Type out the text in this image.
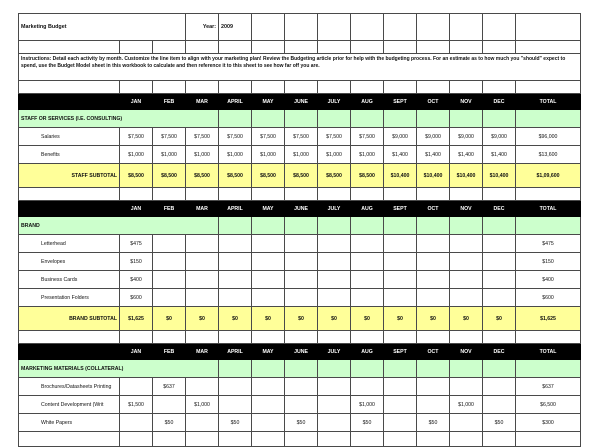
Marketing Budget			Year:	2009									

Instructions: Detail each activity by month. Customize the line item to align with your marketing plan! Review the Budgeting article prior for help with the budgeting process. For an estimate as to how much you "should" expect to spend, use the Budget Model sheet in this workbook to calculate and then reference it to this sheet to see how far off you are.													

	JAN	FEB	MAR	APRIL	MAY	JUNE	JULY	AUG	SEPT	OCT	NOV	DEC	TOTAL
STAFF OR SERVICES (I.E. CONSULTING)													
Salaries	$7,500	$7,500	$7,500	$7,500	$7,500	$7,500	$7,500	$7,500	$9,000	$9,000	$9,000	$9,000	$96,000
Benefits	$1,000	$1,000	$1,000	$1,000	$1,000	$1,000	$1,000	$1,000	$1,400	$1,400	$1,400	$1,400	$13,600
STAFF SUBTOTAL	$8,500	$8,500	$8,500	$8,500	$8,500	$8,500	$8,500	$8,500	$10,400	$10,400	$10,400	$10,400	$1,09,600

	JAN	FEB	MAR	APRIL	MAY	JUNE	JULY	AUG	SEPT	OCT	NOV	DEC	TOTAL
BRAND													
Letterhead	$475												$475
Envelopes	$150												$150
Business Cards	$400												$400
Presentation Folders	$600												$600
BRAND SUBTOTAL	$1,625	$0	$0	$0	$0	$0	$0	$0	$0	$0	$0	$0	$1,625

	JAN	FEB	MAR	APRIL	MAY	JUNE	JULY	AUG	SEPT	OCT	NOV	DEC	TOTAL
MARKETING MATERIALS (COLLATERAL)													
Brochures/Datasheets Printing		$637											$637
Content Development (Writ	$1,500		$1,000					$1,000			$1,000		$6,500
White Papers		$50		$50		$50		$50		$50		$50	$300
